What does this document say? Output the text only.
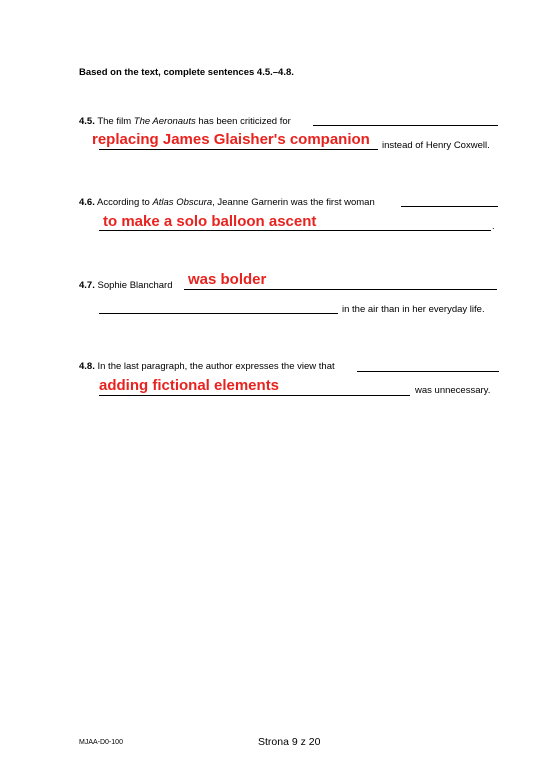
Based on the text, complete sentences 4.5.–4.8.
4.5. The film The Aeronauts has been criticized for
replacing James Glaisher's companion instead of Henry Coxwell.
4.6. According to Atlas Obscura, Jeanne Garnerin was the first woman
to make a solo balloon ascent	.
4.7. Sophie Blanchard was bolder
in the air than in her everyday life.
4.8. In the last paragraph, the author expresses the view that
adding fictional elements	was unnecessary.
MJAA-D0-100	Strona 9 z 20
